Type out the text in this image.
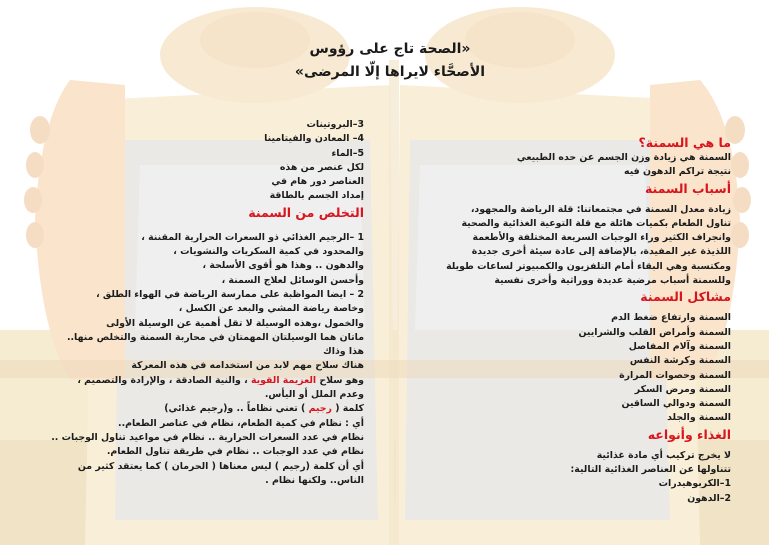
«الصحة تاج على رؤوس
الأصحَّاء لايراها إلّا المرضى»

ما هي السمنة؟

السمنة هي زيادة وزن الجسم عن حده الطبيعي

نتيجة تراكم الدهون فيه

أسباب السمنة

زيادة معدل السمنة في مجتمعاتنا: قلة الرياضة والمجهود،

تناول الطعام بكميات هائلة مع قلة التوعية الغذائية والصحية

وانجراف الكثير وراء الوجبات السريعة المختلفة والأطعمة

اللذيذة غير المفيدة، بالإضافة إلى عادة سيئة أخرى جديدة

ومكتسبة وهي البقاء أمام التلفزيون والكمبيوتر لساعات طويلة

وللسمنة أسباب مرضية عديدة ووراثية وأخرى نفسية

مشاكل السمنة

السمنة وارتفاع ضغط الدم

السمنة وأمراض القلب والشرايين

السمنة وآلام المفاصل

السمنة وكرشة النفس

السمنة وحصوات المرارة

السمنة ومرض السكر

السمنة ودوالي الساقين

السمنة والجلد

الغذاء وأنواعه

لا يخرج تركيب أي مادة غذائية

تتناولها عن العناصر الغذائية التالية:

1–الكربوهيدرات

2–الدهون

3–البروتينات

4– المعادن والفيتامينا

5–الماء

لكل عنصر من هذه

العناصر دور هام في

إمداد الجسم بالطاقة

التخلص من السمنة

1 –الرجيم الغذائي ذو السعرات الحرارية المقننة ،

والمحدود في كمية السكريات والنشويات ،

والدهون .. وهذا هو أقوى الأسلحة ،

وأحسن الوسائل لعلاج السمنة ،

2 – ايضا المواظبة على ممارسة الرياضة في الهواء الطلق ،

وخاصة رياضة المشي والبعد عن الكسل ،

والخمول ،وهذه الوسيلة لا تقل أهمية عن الوسيلة الأولى

ماتان هما الوسيلتان المهمتان في محاربة السمنة والتخلص منها..

هذا وذاك

هناك سلاح مهم لابد من استخدامه في هذه المعركة

وهو سلاح العزيمة القوية ، والنية الصادقة ، والإرادة والتصميم ،

وعدم الملل أو اليأس.

كلمة ( رجيم ) تعني نظاماً .. و(رجيم غذائي)

أي : نظام في كمية الطعام، نظام في عناصر الطعام..

نظام في عدد السعرات الحرارية .. نظام في مواعيد تناول الوجبات ..

نظام في عدد الوجبات .. نظام في طريقة تناول الطعام.

أي أن كلمة (رجيم ) ليس معناها ( الحرمان ) كما يعتقد كثير من

الناس.. ولكنها نظام .
